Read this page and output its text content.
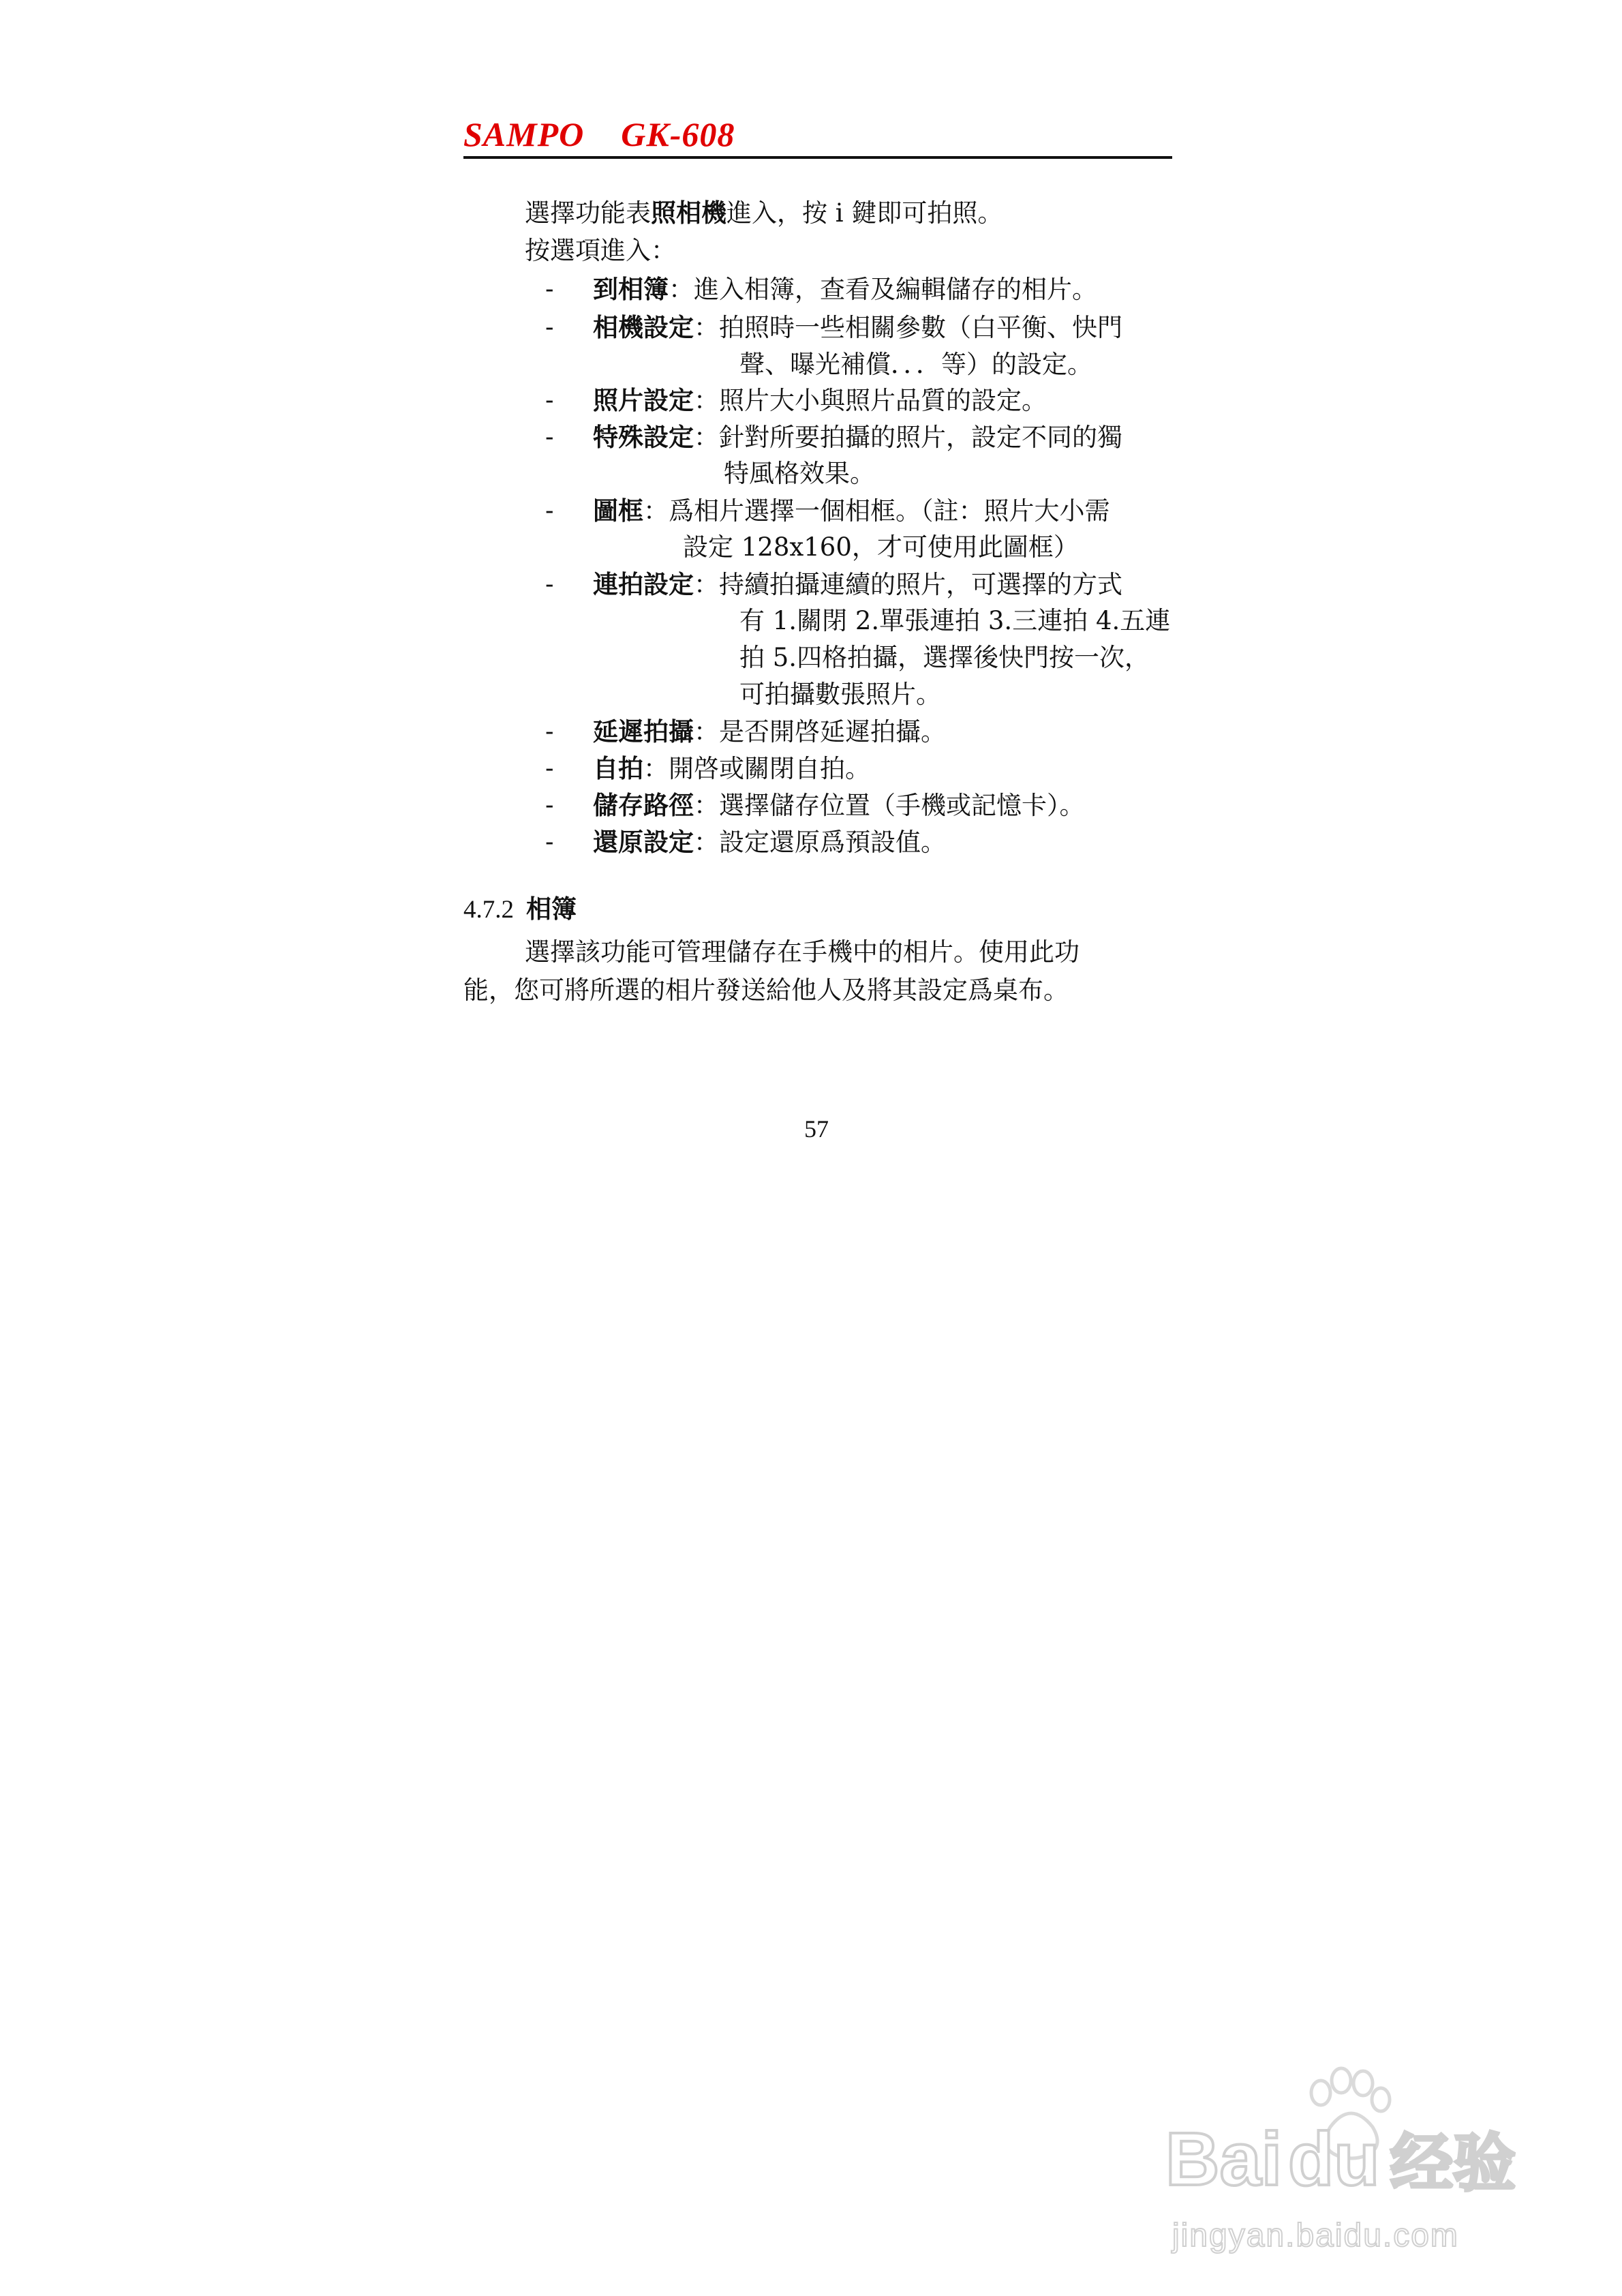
SAMPO GK-608
選擇功能表照相機進入，按 i 鍵即可拍照。
按選項進入：
- 到相簿：進入相簿，查看及編輯儲存的相片。
- 相機設定：拍照時一些相關參數（白平衡、快門
聲、曝光補償．．．等）的設定。
- 照片設定：照片大小與照片品質的設定。
- 特殊設定：針對所要拍攝的照片，設定不同的獨
特風格效果。
- 圖框：爲相片選擇一個相框。（註：照片大小需
設定 128x160，才可使用此圖框）
- 連拍設定：持續拍攝連續的照片，可選擇的方式
有 1.關閉 2.單張連拍 3.三連拍 4.五連
拍 5.四格拍攝，選擇後快門按一次，
可拍攝數張照片。
- 延遲拍攝：是否開啓延遲拍攝。
- 自拍：開啓或關閉自拍。
- 儲存路徑：選擇儲存位置（手機或記憶卡）。
- 還原設定：設定還原爲預設值。
4.7.2 相簿
選擇該功能可管理儲存在手機中的相片。使用此功
能，您可將所選的相片發送給他人及將其設定爲桌布。
57
Bai du 经验
jingyan.baidu.com
